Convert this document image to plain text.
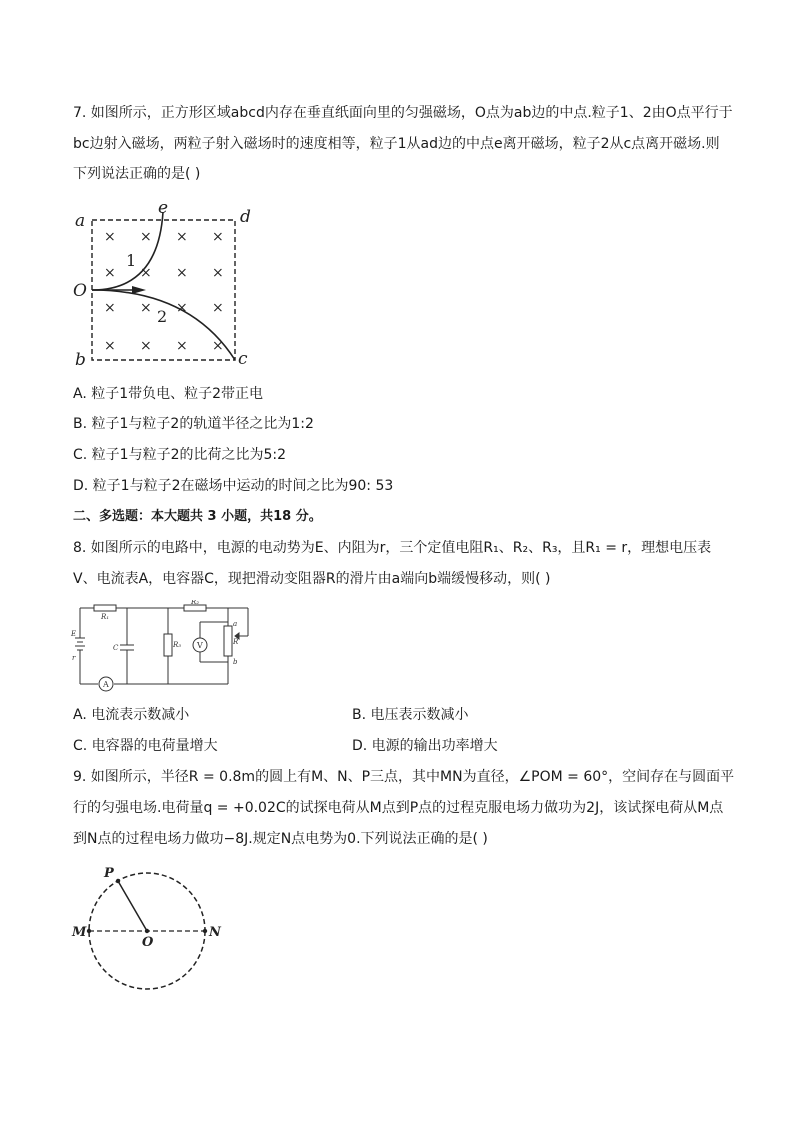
7. 如图所示，正方形区域abcd内存在垂直纸面向里的匀强磁场，O点为ab边的中点.粒子1、2由O点平行于
bc边射入磁场，两粒子射入磁场时的速度相等，粒子1从ad边的中点e离开磁场，粒子2从c点离开磁场.则
下列说法正确的是( )
× × × ×
× × × ×
× × × ×
× × × ×
a
b	c
d
e
O
1
2
A. 粒子1带负电、粒子2带正电
B. 粒子1与粒子2的轨道半径之比为1:2
C. 粒子1与粒子2的比荷之比为5:2
D. 粒子1与粒子2在磁场中运动的时间之比为90: 53
二、多选题：本大题共 3 小题，共18 分。
8. 如图所示的电路中，电源的电动势为E、内阻为r，三个定值电阻R₁、R₂、R₃，且R₁ = r，理想电压表
V、电流表A，电容器C，现把滑动变阻器R的滑片由a端向b端缓慢移动，则( )
R₁
R₂
R₃
E
r
C
R
a
b
V
A
A. 电流表示数减小	B. 电压表示数减小
C. 电容器的电荷量增大	D. 电源的输出功率增大
9. 如图所示，半径R = 0.8m的圆上有M、N、P三点，其中MN为直径，∠POM = 60°，空间存在与圆面平
行的匀强电场.电荷量q = +0.02C的试探电荷从M点到P点的过程克服电场力做功为2J，该试探电荷从M点
到N点的过程电场力做功−8J.规定N点电势为0.下列说法正确的是( )
P
M
O
N
